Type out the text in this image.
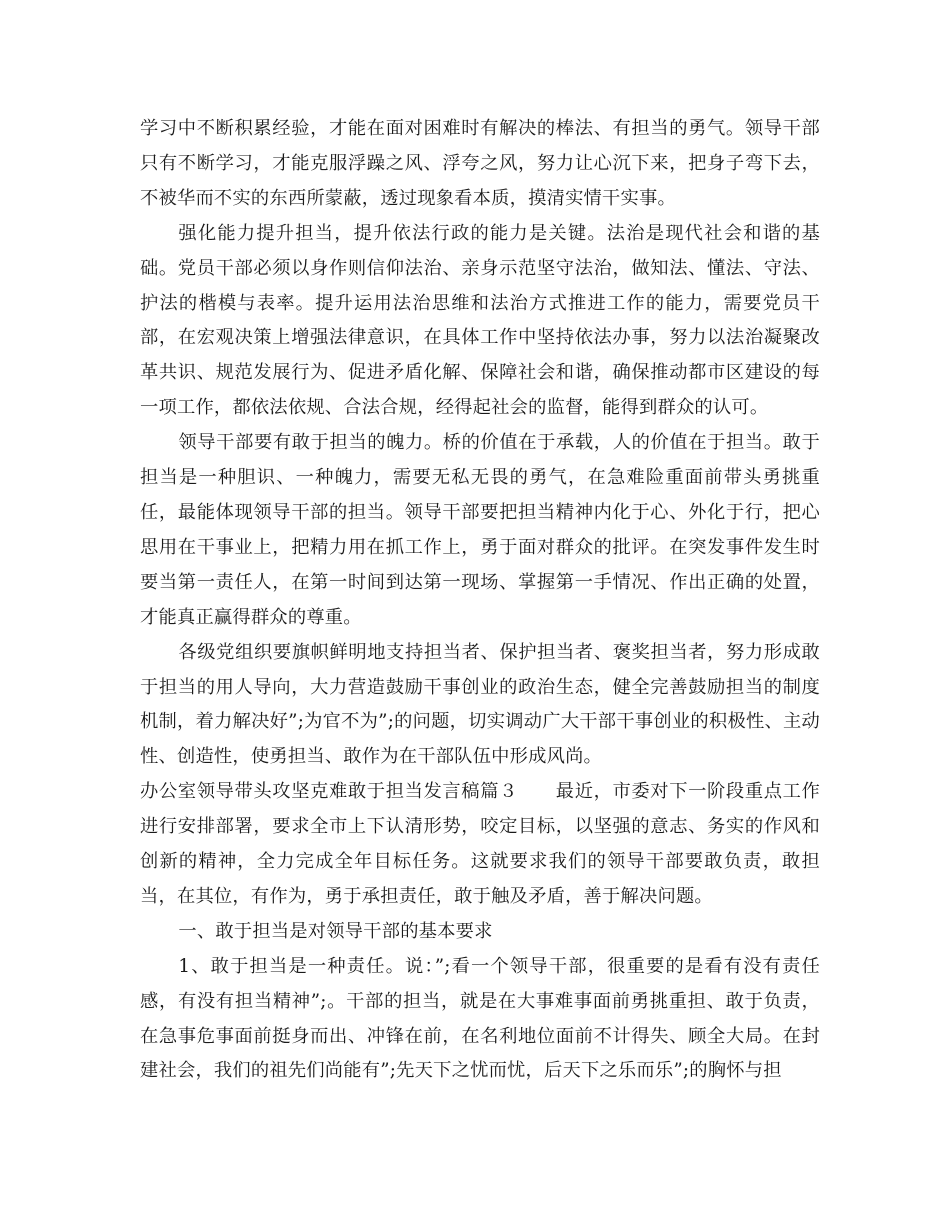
学习中不断积累经验，才能在面对困难时有解决的棒法、有担当的勇气。领导干部只有不断学习，才能克服浮躁之风、浮夸之风，努力让心沉下来，把身子弯下去，不被华而不实的东西所蒙蔽，透过现象看本质，摸清实情干实事。

强化能力提升担当，提升依法行政的能力是关键。法治是现代社会和谐的基础。党员干部必须以身作则信仰法治、亲身示范坚守法治，做知法、懂法、守法、护法的楷模与表率。提升运用法治思维和法治方式推进工作的能力，需要党员干部，在宏观决策上增强法律意识，在具体工作中坚持依法办事，努力以法治凝聚改革共识、规范发展行为、促进矛盾化解、保障社会和谐，确保推动都市区建设的每一项工作，都依法依规、合法合规，经得起社会的监督，能得到群众的认可。

领导干部要有敢于担当的魄力。桥的价值在于承载，人的价值在于担当。敢于担当是一种胆识、一种魄力，需要无私无畏的勇气，在急难险重面前带头勇挑重任，最能体现领导干部的担当。领导干部要把担当精神内化于心、外化于行，把心思用在干事业上，把精力用在抓工作上，勇于面对群众的批评。在突发事件发生时要当第一责任人，在第一时间到达第一现场、掌握第一手情况、作出正确的处置，才能真正赢得群众的尊重。

各级党组织要旗帜鲜明地支持担当者、保护担当者、褒奖担当者，努力形成敢于担当的用人导向，大力营造鼓励干事创业的政治生态，健全完善鼓励担当的制度机制，着力解决好”;为官不为”;的问题，切实调动广大干部干事创业的积极性、主动性、创造性，使勇担当、敢作为在干部队伍中形成风尚。

办公室领导带头攻坚克难敢于担当发言稿篇３　　最近，市委对下一阶段重点工作进行安排部署，要求全市上下认清形势，咬定目标，以坚强的意志、务实的作风和创新的精神，全力完成全年目标任务。这就要求我们的领导干部要敢负责，敢担当，在其位，有作为，勇于承担责任，敢于触及矛盾，善于解决问题。

一、敢于担当是对领导干部的基本要求

1、敢于担当是一种责任。说：”;看一个领导干部，很重要的是看有没有责任感，有没有担当精神”;。干部的担当，就是在大事难事面前勇挑重担、敢于负责，在急事危事面前挺身而出、冲锋在前，在名利地位面前不计得失、顾全大局。在封建社会，我们的祖先们尚能有”;先天下之忧而忧，后天下之乐而乐”;的胸怀与担
